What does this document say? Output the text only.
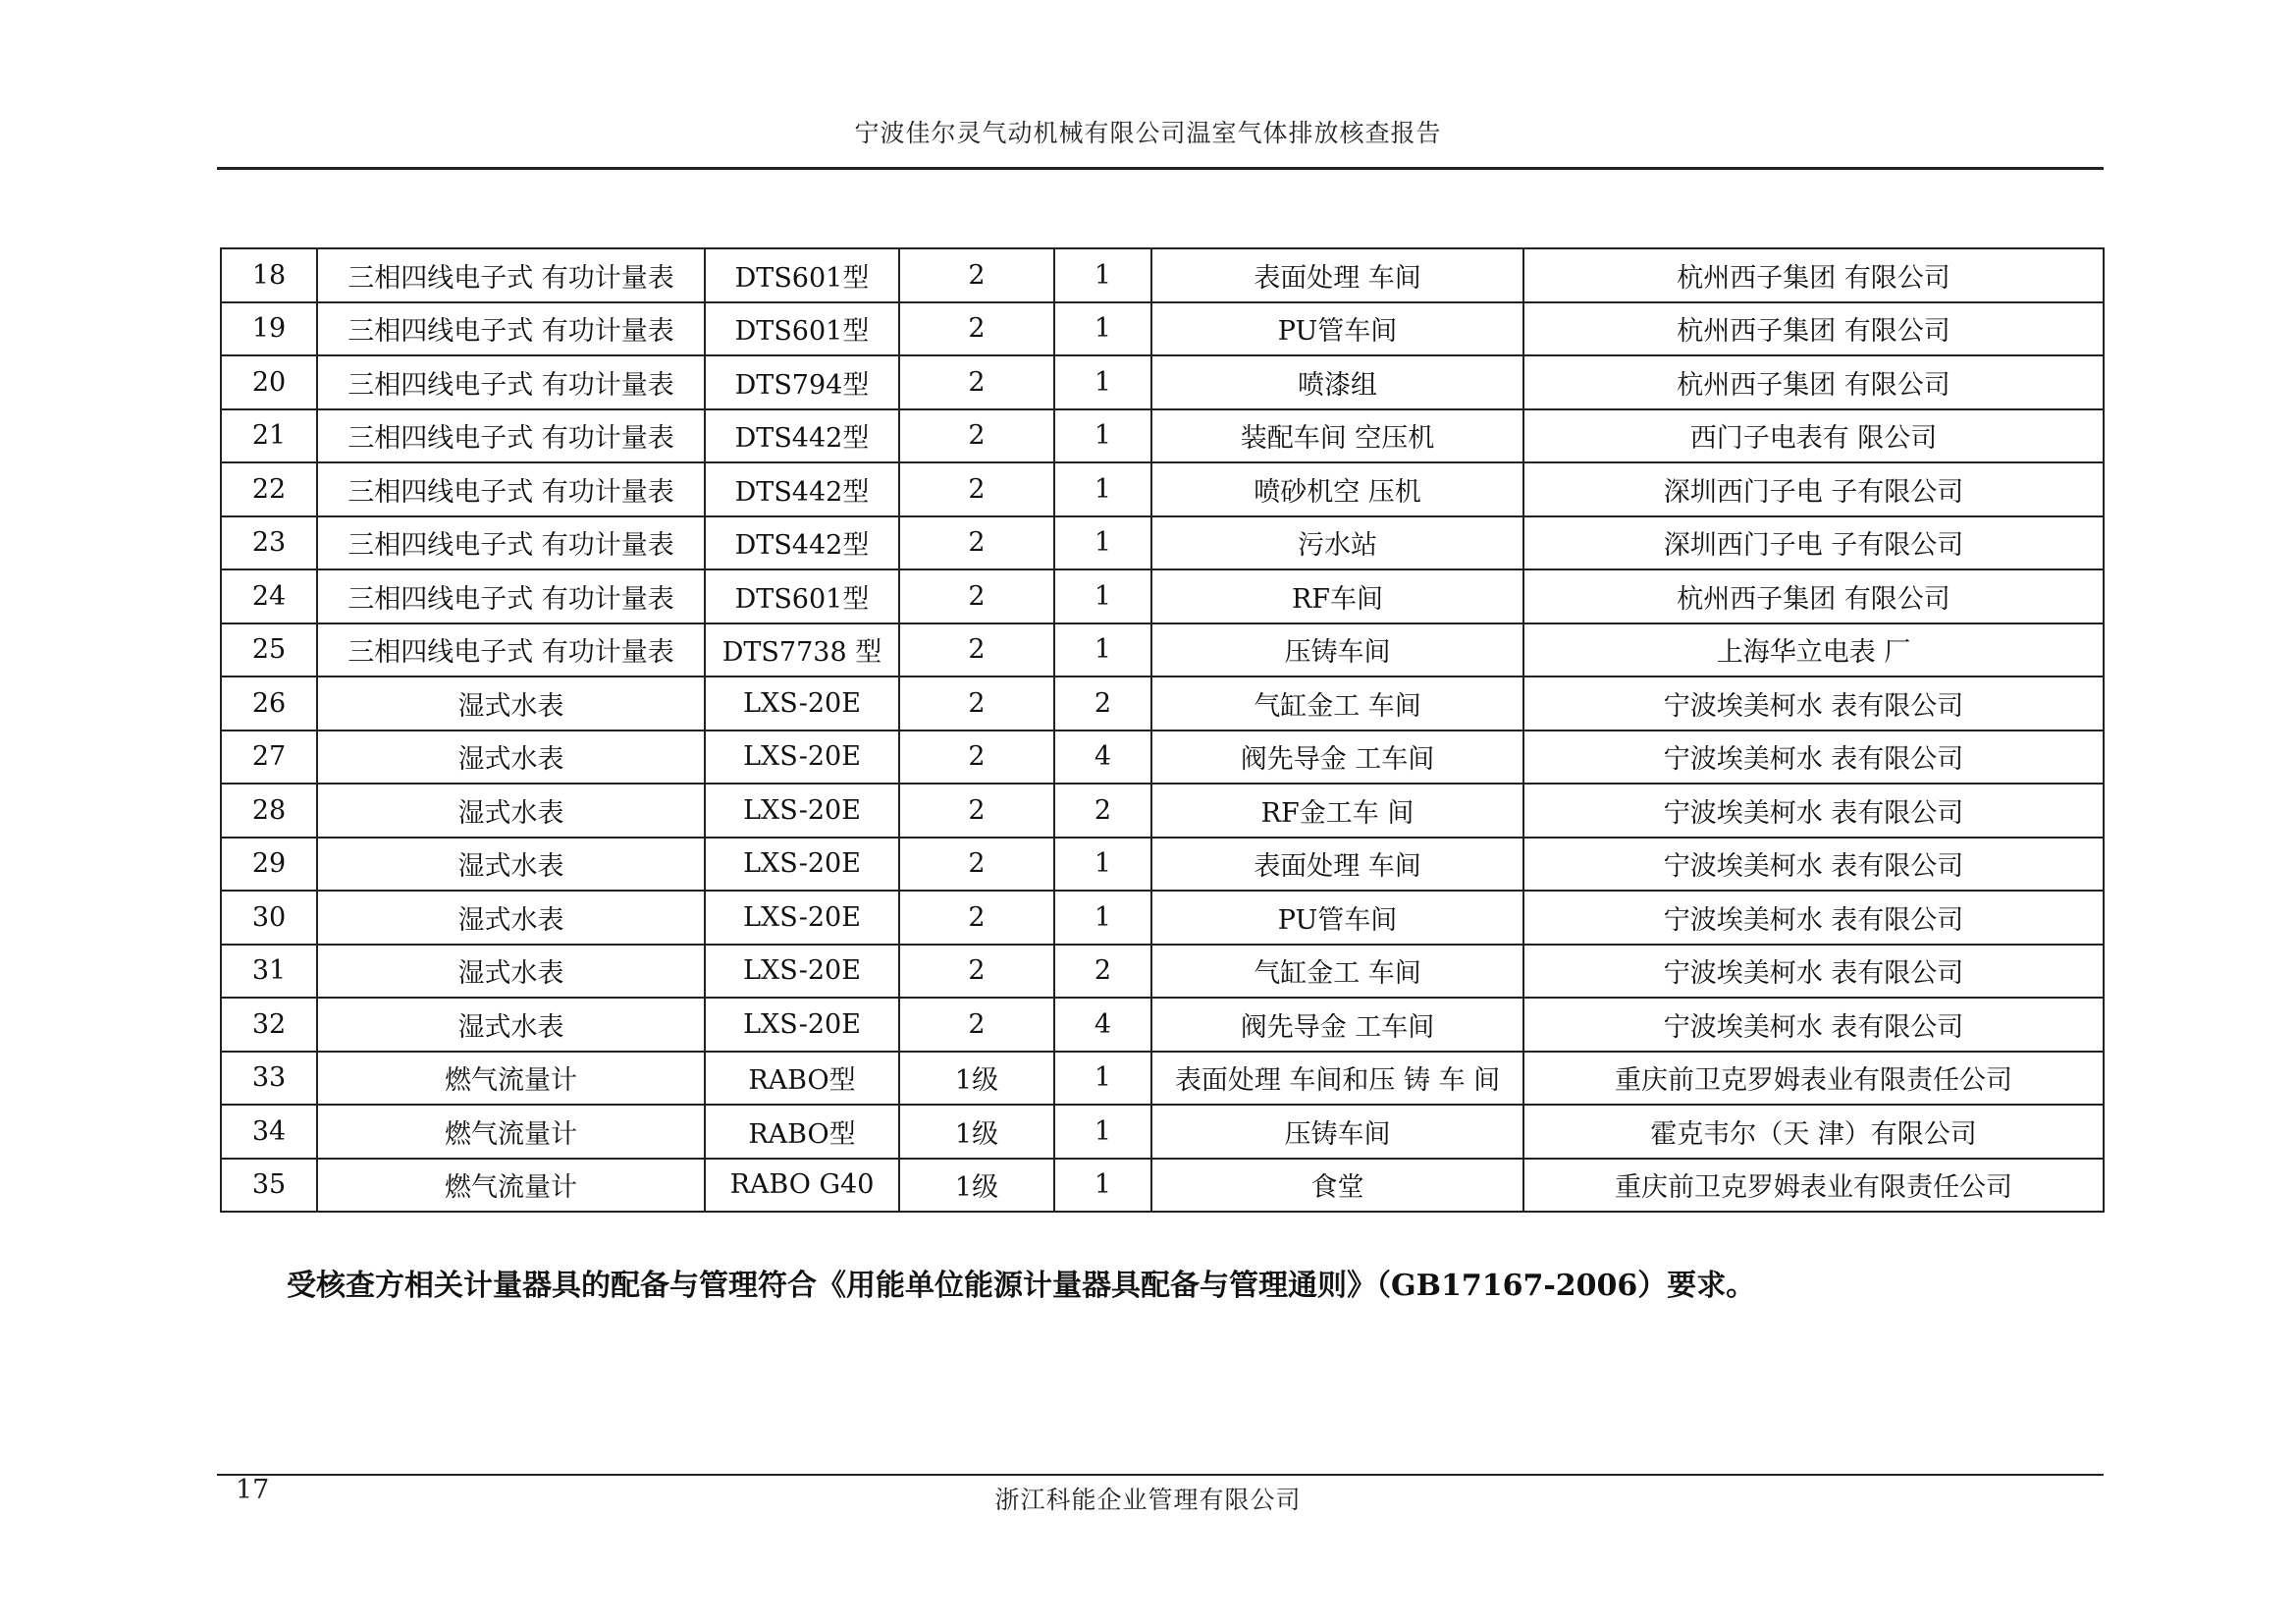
宁波佳尔灵气动机械有限公司温室气体排放核查报告
18	三相四线电子式 有功计量表	DTS601型	2	1	表面处理 车间	杭州西子集团 有限公司
19	三相四线电子式 有功计量表	DTS601型	2	1	PU管车间	杭州西子集团 有限公司
20	三相四线电子式 有功计量表	DTS794型	2	1	喷漆组	杭州西子集团 有限公司
21	三相四线电子式 有功计量表	DTS442型	2	1	装配车间 空压机	西门子电表有 限公司
22	三相四线电子式 有功计量表	DTS442型	2	1	喷砂机空 压机	深圳西门子电 子有限公司
23	三相四线电子式 有功计量表	DTS442型	2	1	污水站	深圳西门子电 子有限公司
24	三相四线电子式 有功计量表	DTS601型	2	1	RF车间	杭州西子集团 有限公司
25	三相四线电子式 有功计量表	DTS7738 型	2	1	压铸车间	上海华立电表 厂
26	湿式水表	LXS-20E	2	2	气缸金工 车间	宁波埃美柯水 表有限公司
27	湿式水表	LXS-20E	2	4	阀先导金 工车间	宁波埃美柯水 表有限公司
28	湿式水表	LXS-20E	2	2	RF金工车 间	宁波埃美柯水 表有限公司
29	湿式水表	LXS-20E	2	1	表面处理 车间	宁波埃美柯水 表有限公司
30	湿式水表	LXS-20E	2	1	PU管车间	宁波埃美柯水 表有限公司
31	湿式水表	LXS-20E	2	2	气缸金工 车间	宁波埃美柯水 表有限公司
32	湿式水表	LXS-20E	2	4	阀先导金 工车间	宁波埃美柯水 表有限公司
33	燃气流量计	RABO型	1级	1	表面处理 车间和压 铸 车 间	重庆前卫克罗姆表业有限责任公司
34	燃气流量计	RABO型	1级	1	压铸车间	霍克韦尔（天 津）有限公司
35	燃气流量计	RABO G40	1级	1	食堂	重庆前卫克罗姆表业有限责任公司
受核查方相关计量器具的配备与管理符合《用能单位能源计量器具配备与管理通则》（GB17167-2006）要求。
17	浙江科能企业管理有限公司
